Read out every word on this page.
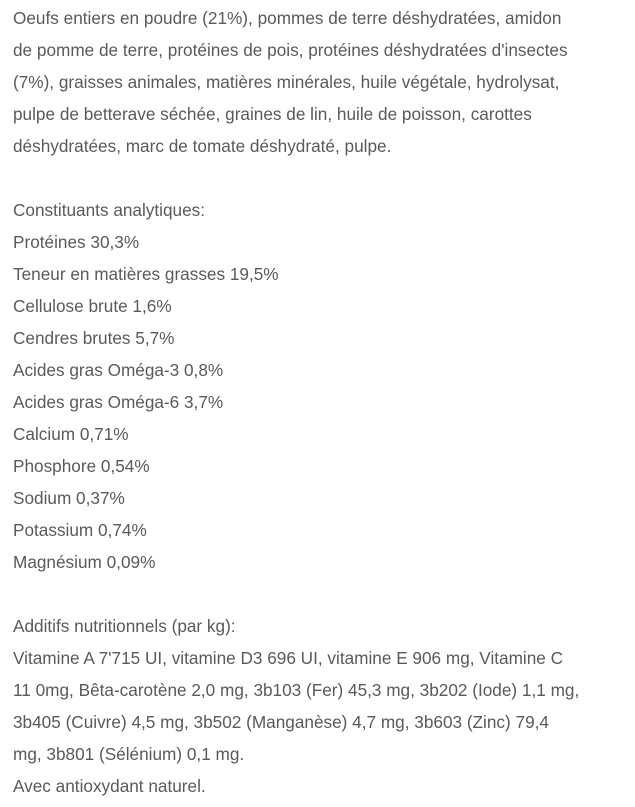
Oeufs entiers en poudre (21%), pommes de terre déshydratées, amidon

de pomme de terre, protéines de pois, protéines déshydratées d'insectes

(7%), graisses animales, matières minérales, huile végétale, hydrolysat,

pulpe de betterave séchée, graines de lin, huile de poisson, carottes

déshydratées, marc de tomate déshydraté, pulpe.

Constituants analytiques:

Protéines 30,3%

Teneur en matières grasses 19,5%

Cellulose brute 1,6%

Cendres brutes 5,7%

Acides gras Oméga-3 0,8%

Acides gras Oméga-6 3,7%

Calcium 0,71%

Phosphore 0,54%

Sodium 0,37%

Potassium 0,74%

Magnésium 0,09%

Additifs nutritionnels (par kg):

Vitamine A 7'715 UI, vitamine D3 696 UI, vitamine E 906 mg, Vitamine C

11 0mg, Bêta-carotène 2,0 mg, 3b103 (Fer) 45,3 mg, 3b202 (Iode) 1,1 mg,

3b405 (Cuivre) 4,5 mg, 3b502 (Manganèse) 4,7 mg, 3b603 (Zinc) 79,4

mg, 3b801 (Sélénium) 0,1 mg.

Avec antioxydant naturel.
